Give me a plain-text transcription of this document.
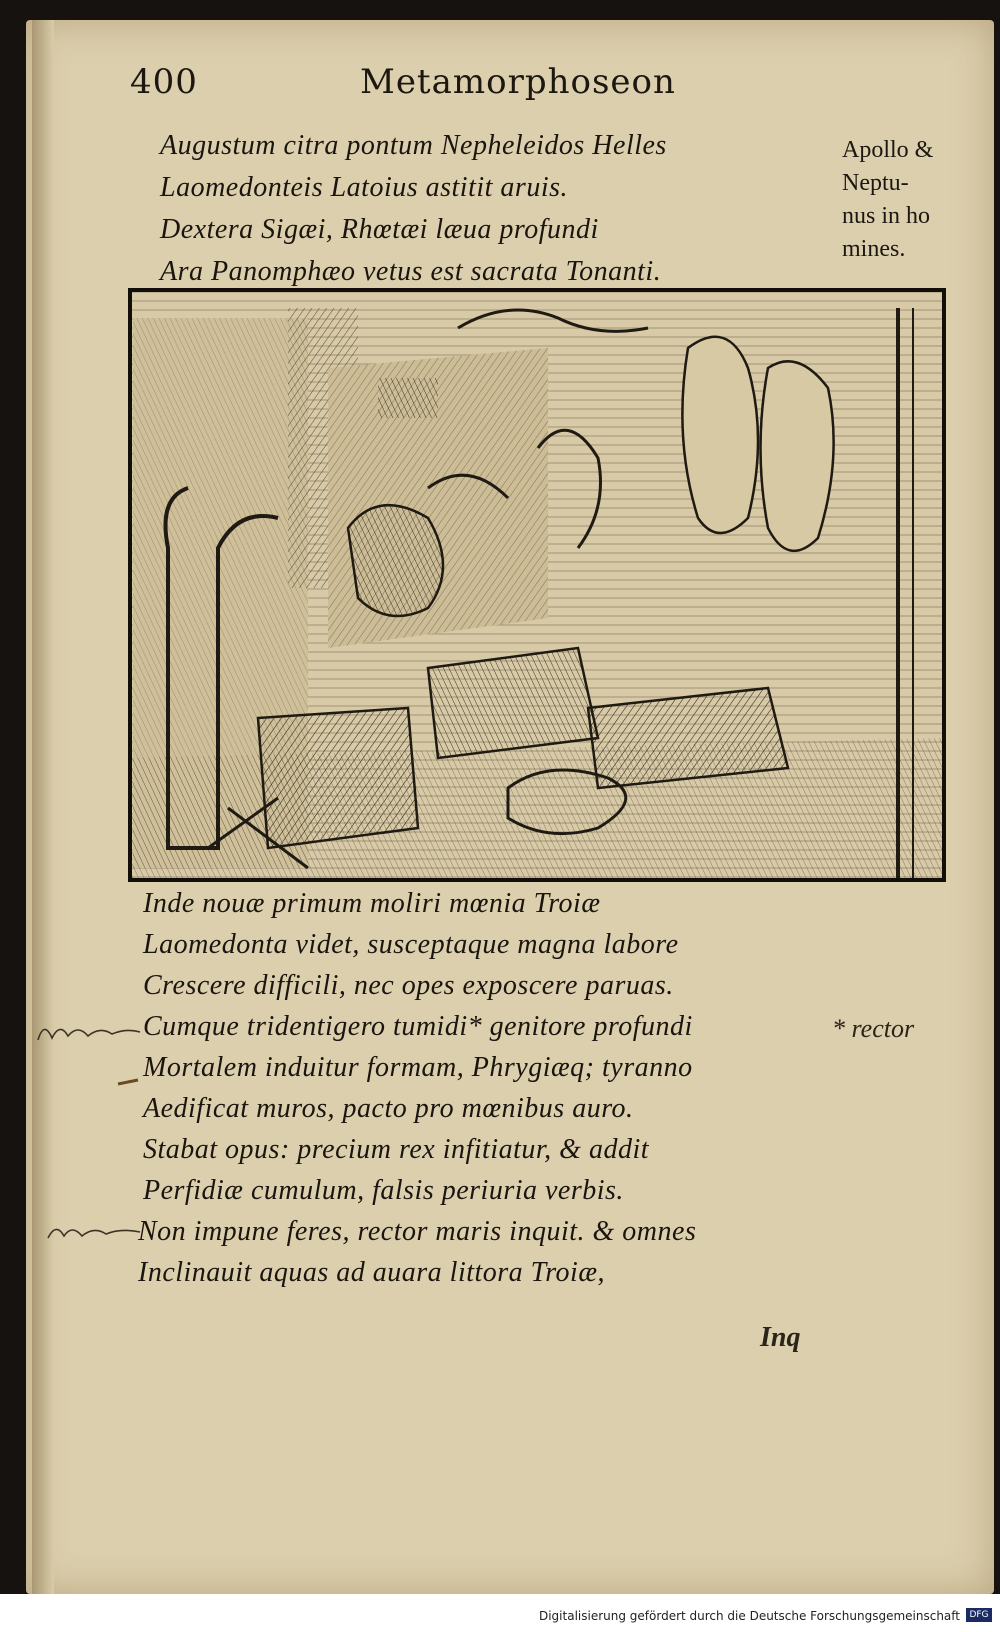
400	Metamorphoseon
Augustum citra pontum Nepheleidos Helles
Laomedonteis Latoius astitit aruis.
Dextera Sigæi, Rhœtæi læua profundi
Ara Panomphæo vetus est sacrata Tonanti.
Apollo &
Neptu-
nus in ho
mines.
Inde nouæ primum moliri mœnia Troiæ
Laomedonta videt, susceptaque magna labore
Crescere difficili, nec opes exposcere paruas.
Cumque tridentigero tumidi* genitore profundi
Mortalem induitur formam, Phrygiæq; tyranno
Aedificat muros, pacto pro mœnibus auro.
Stabat opus: precium rex infitiatur, & addit
Perfidiæ cumulum, falsis periuria verbis.
Non impune feres, rector maris inquit. & omnes
Inclinauit aquas ad auara littora Troiæ,
* rector
Inq
Digitalisierung gefördert durch die Deutsche Forschungsgemeinschaft	DFG
